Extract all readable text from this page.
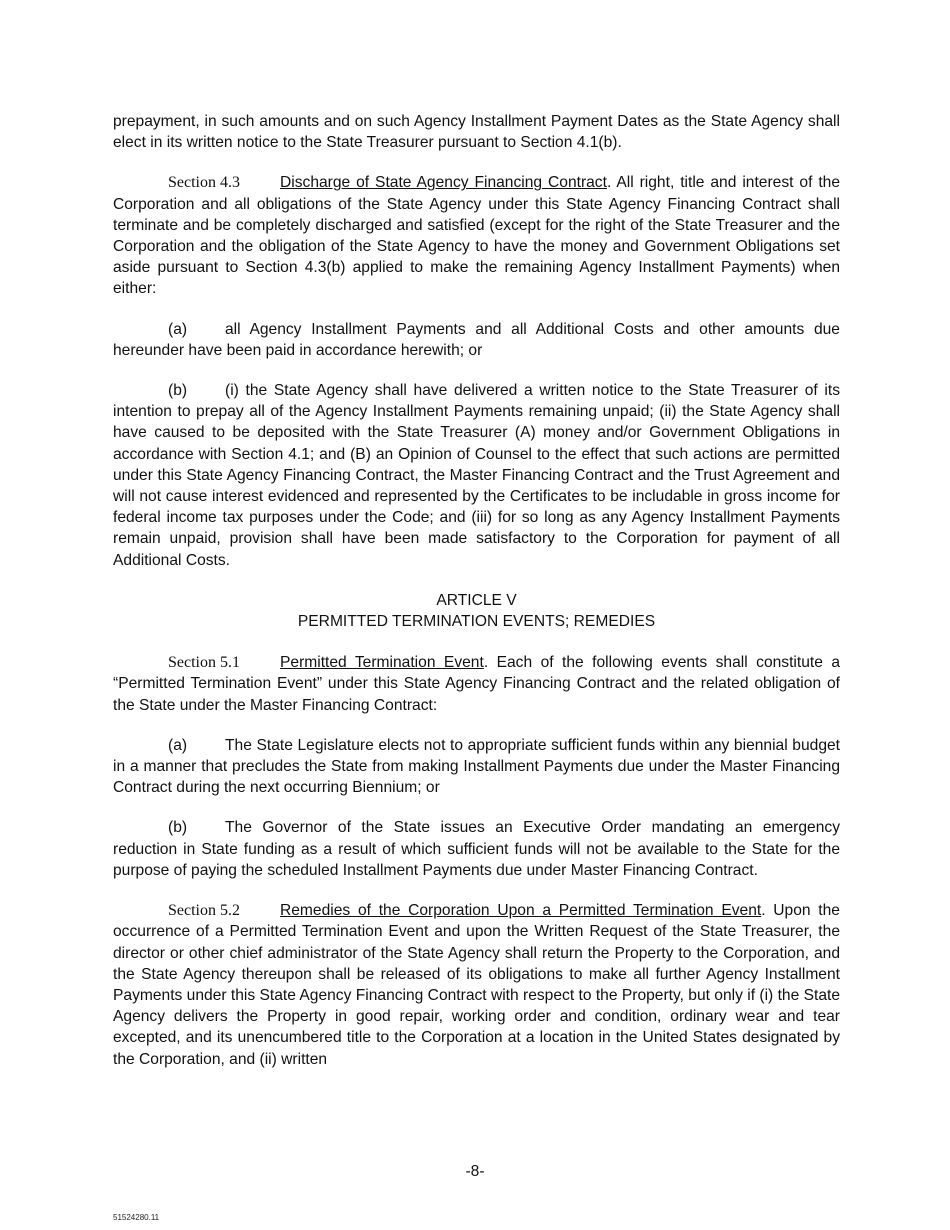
prepayment, in such amounts and on such Agency Installment Payment Dates as the State Agency shall elect in its written notice to the State Treasurer pursuant to Section 4.1(b).

Section 4.3	Discharge of State Agency Financing Contract. All right, title and interest of the Corporation and all obligations of the State Agency under this State Agency Financing Contract shall terminate and be completely discharged and satisfied (except for the right of the State Treasurer and the Corporation and the obligation of the State Agency to have the money and Government Obligations set aside pursuant to Section 4.3(b) applied to make the remaining Agency Installment Payments) when either:

(a) all Agency Installment Payments and all Additional Costs and other amounts due hereunder have been paid in accordance herewith; or

(b) (i) the State Agency shall have delivered a written notice to the State Treasurer of its intention to prepay all of the Agency Installment Payments remaining unpaid; (ii) the State Agency shall have caused to be deposited with the State Treasurer (A) money and/or Government Obligations in accordance with Section 4.1; and (B) an Opinion of Counsel to the effect that such actions are permitted under this State Agency Financing Contract, the Master Financing Contract and the Trust Agreement and will not cause interest evidenced and represented by the Certificates to be includable in gross income for federal income tax purposes under the Code; and (iii) for so long as any Agency Installment Payments remain unpaid, provision shall have been made satisfactory to the Corporation for payment of all Additional Costs.

ARTICLE V

PERMITTED TERMINATION EVENTS; REMEDIES

Section 5.1	Permitted Termination Event. Each of the following events shall constitute a “Permitted Termination Event” under this State Agency Financing Contract and the related obligation of the State under the Master Financing Contract:

(a) The State Legislature elects not to appropriate sufficient funds within any biennial budget in a manner that precludes the State from making Installment Payments due under the Master Financing Contract during the next occurring Biennium; or

(b) The Governor of the State issues an Executive Order mandating an emergency reduction in State funding as a result of which sufficient funds will not be available to the State for the purpose of paying the scheduled Installment Payments due under Master Financing Contract.

Section 5.2	Remedies of the Corporation Upon a Permitted Termination Event. Upon the occurrence of a Permitted Termination Event and upon the Written Request of the State Treasurer, the director or other chief administrator of the State Agency shall return the Property to the Corporation, and the State Agency thereupon shall be released of its obligations to make all further Agency Installment Payments under this State Agency Financing Contract with respect to the Property, but only if (i) the State Agency delivers the Property in good repair, working order and condition, ordinary wear and tear excepted, and its unencumbered title to the Corporation at a location in the United States designated by the Corporation, and (ii) written

-8-
51524280.11
